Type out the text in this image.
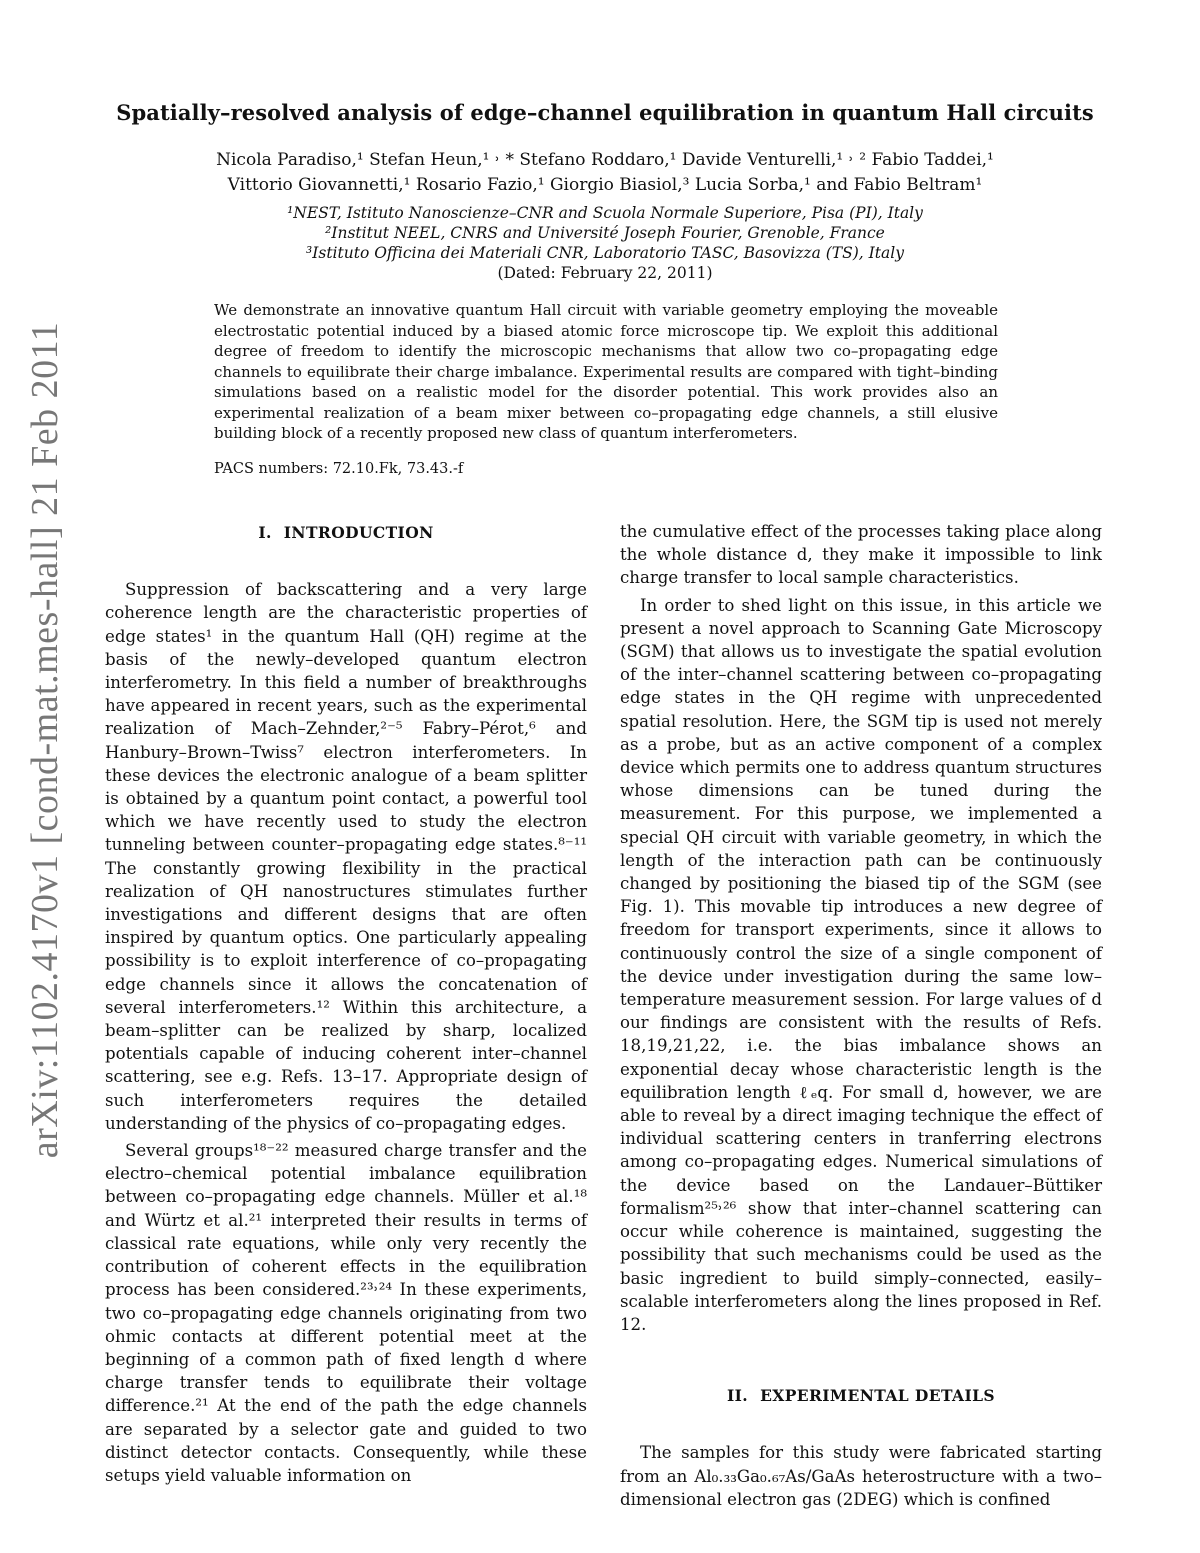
arXiv:1102.4170v1 [cond-mat.mes-hall] 21 Feb 2011
Spatially–resolved analysis of edge–channel equilibration in quantum Hall circuits
Nicola Paradiso,¹ Stefan Heun,¹ ˒ * Stefano Roddaro,¹ Davide Venturelli,¹ ˒ ² Fabio Taddei,¹
Vittorio Giovannetti,¹ Rosario Fazio,¹ Giorgio Biasiol,³ Lucia Sorba,¹ and Fabio Beltram¹
¹NEST, Istituto Nanoscienze–CNR and Scuola Normale Superiore, Pisa (PI), Italy
²Institut NEEL, CNRS and Université Joseph Fourier, Grenoble, France
³Istituto Officina dei Materiali CNR, Laboratorio TASC, Basovizza (TS), Italy
(Dated: February 22, 2011)
We demonstrate an innovative quantum Hall circuit with variable geometry employing the moveable electrostatic potential induced by a biased atomic force microscope tip. We exploit this additional degree of freedom to identify the microscopic mechanisms that allow two co–propagating edge channels to equilibrate their charge imbalance. Experimental results are compared with tight–binding simulations based on a realistic model for the disorder potential. This work provides also an experimental realization of a beam mixer between co–propagating edge channels, a still elusive building block of a recently proposed new class of quantum interferometers.
PACS numbers: 72.10.Fk, 73.43.-f
I. INTRODUCTION

Suppression of backscattering and a very large coherence length are the characteristic properties of edge states¹ in the quantum Hall (QH) regime at the basis of the newly–developed quantum electron interferometry. In this field a number of breakthroughs have appeared in recent years, such as the experimental realization of Mach–Zehnder,²⁻⁵ Fabry–Pérot,⁶ and Hanbury–Brown–Twiss⁷ electron interferometers. In these devices the electronic analogue of a beam splitter is obtained by a quantum point contact, a powerful tool which we have recently used to study the electron tunneling between counter–propagating edge states.⁸⁻¹¹ The constantly growing flexibility in the practical realization of QH nanostructures stimulates further investigations and different designs that are often inspired by quantum optics. One particularly appealing possibility is to exploit interference of co–propagating edge channels since it allows the concatenation of several interferometers.¹² Within this architecture, a beam–splitter can be realized by sharp, localized potentials capable of inducing coherent inter–channel scattering, see e.g. Refs. 13–17. Appropriate design of such interferometers requires the detailed understanding of the physics of co–propagating edges.

Several groups¹⁸⁻²² measured charge transfer and the electro–chemical potential imbalance equilibration between co–propagating edge channels. Müller et al.¹⁸ and Würtz et al.²¹ interpreted their results in terms of classical rate equations, while only very recently the contribution of coherent effects in the equilibration process has been considered.²³˒²⁴ In these experiments, two co–propagating edge channels originating from two ohmic contacts at different potential meet at the beginning of a common path of fixed length d where charge transfer tends to equilibrate their voltage difference.²¹ At the end of the path the edge channels are separated by a selector gate and guided to two distinct detector contacts. Consequently, while these setups yield valuable information on

the cumulative effect of the processes taking place along the whole distance d, they make it impossible to link charge transfer to local sample characteristics.

In order to shed light on this issue, in this article we present a novel approach to Scanning Gate Microscopy (SGM) that allows us to investigate the spatial evolution of the inter–channel scattering between co–propagating edge states in the QH regime with unprecedented spatial resolution. Here, the SGM tip is used not merely as a probe, but as an active component of a complex device which permits one to address quantum structures whose dimensions can be tuned during the measurement. For this purpose, we implemented a special QH circuit with variable geometry, in which the length of the interaction path can be continuously changed by positioning the biased tip of the SGM (see Fig. 1). This movable tip introduces a new degree of freedom for transport experiments, since it allows to continuously control the size of a single component of the device under investigation during the same low–temperature measurement session. For large values of d our findings are consistent with the results of Refs. 18,19,21,22, i.e. the bias imbalance shows an exponential decay whose characteristic length is the equilibration length ℓₑq. For small d, however, we are able to reveal by a direct imaging technique the effect of individual scattering centers in tranferring electrons among co–propagating edges. Numerical simulations of the device based on the Landauer–Büttiker formalism²⁵˒²⁶ show that inter–channel scattering can occur while coherence is maintained, suggesting the possibility that such mechanisms could be used as the basic ingredient to build simply–connected, easily–scalable interferometers along the lines proposed in Ref. 12.

II. EXPERIMENTAL DETAILS

The samples for this study were fabricated starting from an Al₀.₃₃Ga₀.₆₇As/GaAs heterostructure with a two–dimensional electron gas (2DEG) which is confined
